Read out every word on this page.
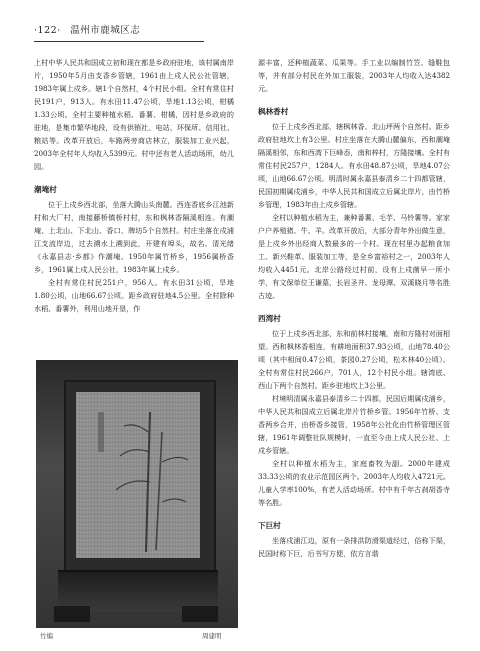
·122· 温州市鹿城区志

上村中华人民共和国成立初和现在都是乡政府驻地，该村属南岸片，1950年5月由支香乡管辖，1961由上戍人民公社管辖，1983年属上戍乡。辖1个自然村，4个村民小组。全村有常住村民191户，913人。有水田11.47公顷，旱地1.13公顷，柑橘1.33公顷。全村主要种植水稻、番薯、柑橘，因村是乡政府的驻地，是集市繁华地段，设有供销社、电站、环保所、信用社、粮站等。改革开放后，车路两旁商店林立，服装加工业兴起，2003年全村年人均收入5399元。村中还有老人活动场所，幼儿园。

潮埯村

位于上戍乡西北部，坐落大腾山头南麓。西连香底乡江池新村和大厂村，南接藤桥镇桥村村，东和枫林香隔溪相连。有潮埯、上北山、下北山、香口、牌坊5个自然村。村庄坐落在戍浦江支流岸边，过去溯水上溯到此，开建有埠头，故名。清光绪《永嘉县志·乡都》作潮埯。1950年属竹桥乡，1956属桥香乡，1961属上戍人民公社，1983年属上戍乡。

全村有常住村民251户，956人。有水田31公顷，旱地1.80公顷，山地66.67公顷。距乡政府驻地4.5公里。全村除种水稻、番薯外，利用山地开垦，作

竹编	周建明

源丰富，还种植蔬菜、瓜果等。手工业以编制竹笠、缝鞋包等，并有部分村民在外加工服装，2003年人均收入达4382元。

枫林香村

位于上戍乡西北部，辖枫林香、北山坪两个自然村。距乡政府驻地坎上有3公里。村庄坐落在大腾山麓偏东，西和潮埯隔溪相邻，东和西湾下巨峰岙，南和梓村，方隆接壤。全村有常住村民257户，1284人。有水田48.87公顷，旱地4.07公顷，山地66.67公顷。明清时属永嘉县泰清乡二十四都管辖，民国初期属戍浦乡，中华人民共和国成立后属北岸片，由竹桥乡管理，1983年由上戍乡管辖。

全村以种植水稻为主，兼种番薯、毛芋、马铃薯等。家家户户养殖猪、牛、羊。改革开放后，大部分青年外出做生意，是上戍乡外出经商人数最多的一个村。现在村里办起粮食加工、新兴鞋革、服装加工等，是全乡富裕村之一，2003年人均收入4451元。北岸公路经过村前，设有上戍菌早一所小学，有文保单位王谦墓，长岩圣井、龙母潭、双溪晓月等名胜古迹。

西湾村

位于上戍乡西北部，东和前林村接壤，南和方隆村对面相望。西和枫林香相连，有耕地面积37.93公顷，山地78.40公顷（其中相间0.47公顷，茶园0.27公顷，松木林40公顷）。全村有常住村民266户，701人，12个村民小组。辖湾底、西山下两个自然村。距乡驻地坎上3公里。

村境明清属永嘉县泰清乡二十四都，民国后期属戍浦乡，中华人民共和国成立后属北岸片竹桥乡管。1956年竹桥、支香两乡合并，由桥香乡接管，1958年公社化由竹桥管理区管辖，1961年调整社队规模时，一直至今由上戍人民公社、上戍乡管辖。

全村以种植水稻为主，家庭畜牧为副。2000年建成33.33公顷的农业示范园区两个。2003年人均收入4721元。儿童入学率100%，有老人活动场所。村中有千年古刹胡香寺等名胜。

下巨村

坐落戍浦江边，原有一条排洪防滑渠道经过，俗称下渠，民国时称下巨，后书写方便，依方言谐
